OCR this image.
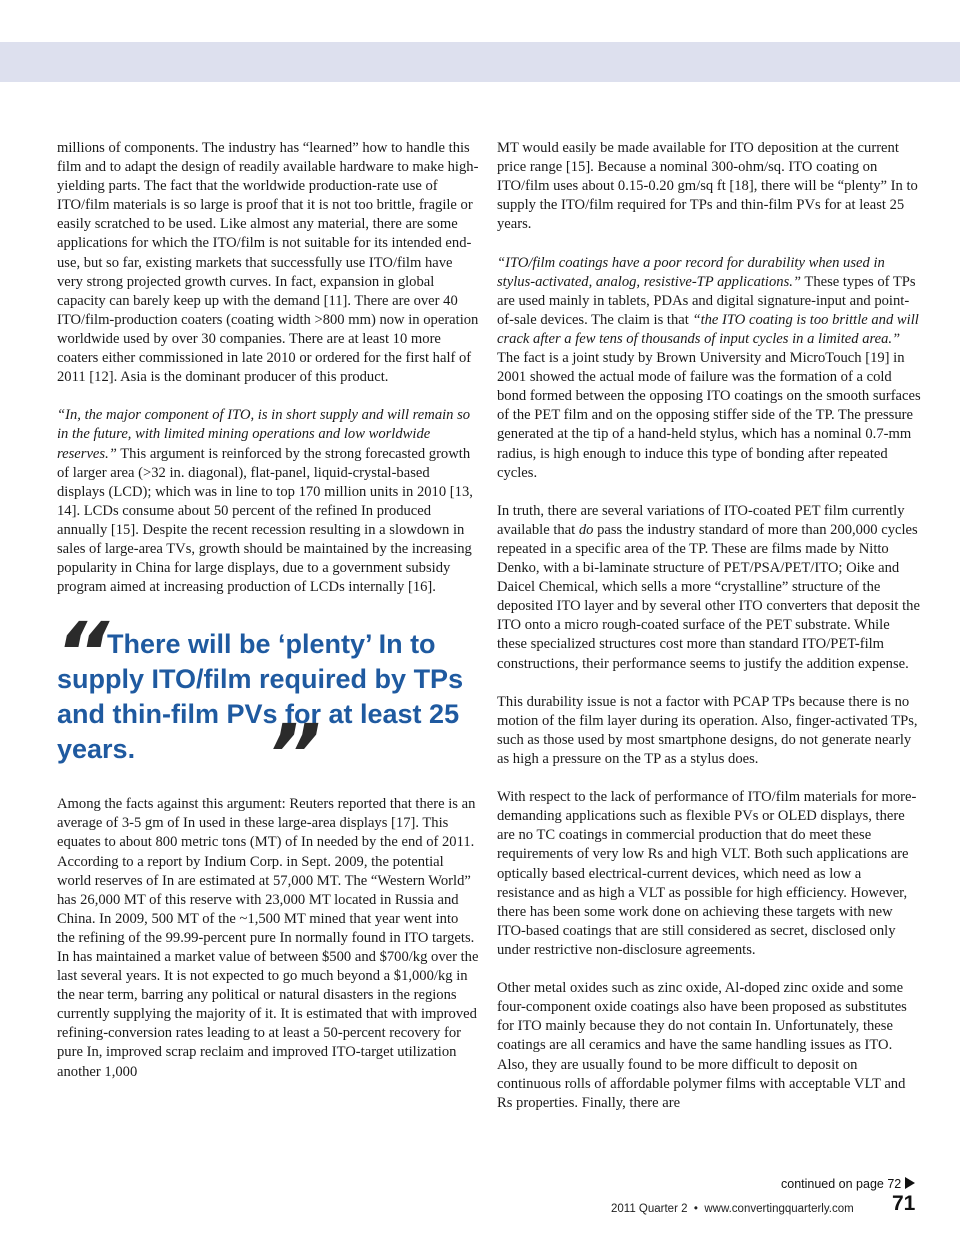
millions of components. The industry has “learned” how to handle this film and to adapt the design of readily available hardware to make high-yielding parts. The fact that the worldwide production-rate use of ITO/film materials is so large is proof that it is not too brittle, fragile or easily scratched to be used. Like almost any material, there are some applications for which the ITO/film is not suitable for its intended end-use, but so far, existing markets that successfully use ITO/film have very strong projected growth curves. In fact, expansion in global capacity can barely keep up with the demand [11]. There are over 40 ITO/film-production coaters (coating width >800 mm) now in operation worldwide used by over 30 companies. There are at least 10 more coaters either commissioned in late 2010 or ordered for the first half of 2011 [12]. Asia is the dominant producer of this product.

“In, the major component of ITO, is in short supply and will remain so in the future, with limited mining operations and low worldwide reserves.” This argument is reinforced by the strong forecasted growth of larger area (>32 in. diagonal), flat-panel, liquid-crystal-based displays (LCD); which was in line to top 170 million units in 2010 [13, 14]. LCDs consume about 50 percent of the refined In produced annually [15]. Despite the recent recession resulting in a slowdown in sales of large-area TVs, growth should be maintained by the increasing popularity in China for large displays, due to a government subsidy program aimed at increasing production of LCDs internally [16].

“
There will be ‘plenty’ In to supply ITO/film required by TPs and thin-film PVs for at least 25 years.	”

Among the facts against this argument: Reuters reported that there is an average of 3-5 gm of In used in these large-area displays [17]. This equates to about 800 metric tons (MT) of In needed by the end of 2011. According to a report by Indium Corp. in Sept. 2009, the potential world reserves of In are estimated at 57,000 MT. The “Western World” has 26,000 MT of this reserve with 23,000 MT located in Russia and China. In 2009, 500 MT of the ~1,500 MT mined that year went into the refining of the 99.99-percent pure In normally found in ITO targets. In has maintained a market value of between $500 and $700/kg over the last several years. It is not expected to go much beyond a $1,000/kg in the near term, barring any political or natural disasters in the regions currently supplying the majority of it. It is estimated that with improved refining-conversion rates leading to at least a 50-percent recovery for pure In, improved scrap reclaim and improved ITO-target utilization another 1,000

MT would easily be made available for ITO deposition at the current price range [15]. Because a nominal 300-ohm/sq. ITO coating on ITO/film uses about 0.15-0.20 gm/sq ft [18], there will be “plenty” In to supply the ITO/film required for TPs and thin-film PVs for at least 25 years.

“ITO/film coatings have a poor record for durability when used in stylus-activated, analog, resistive-TP applications.” These types of TPs are used mainly in tablets, PDAs and digital signature-input and point-of-sale devices. The claim is that “the ITO coating is too brittle and will crack after a few tens of thousands of input cycles in a limited area.” The fact is a joint study by Brown University and MicroTouch [19] in 2001 showed the actual mode of failure was the formation of a cold bond formed between the opposing ITO coatings on the smooth surfaces of the PET film and on the opposing stiffer side of the TP. The pressure generated at the tip of a hand-held stylus, which has a nominal 0.7-mm radius, is high enough to induce this type of bonding after repeated cycles.

In truth, there are several variations of ITO-coated PET film currently available that do pass the industry standard of more than 200,000 cycles repeated in a specific area of the TP. These are films made by Nitto Denko, with a bi-laminate structure of PET/PSA/PET/ITO; Oike and Daicel Chemical, which sells a more “crystalline” structure of the deposited ITO layer and by several other ITO converters that deposit the ITO onto a micro rough-coated surface of the PET substrate. While these specialized structures cost more than standard ITO/PET-film constructions, their performance seems to justify the addition expense.

This durability issue is not a factor with PCAP TPs because there is no motion of the film layer during its operation. Also, finger-activated TPs, such as those used by most smartphone designs, do not generate nearly as high a pressure on the TP as a stylus does.

With respect to the lack of performance of ITO/film materials for more-demanding applications such as flexible PVs or OLED displays, there are no TC coatings in commercial production that do meet these requirements of very low Rs and high VLT. Both such applications are optically based electrical-current devices, which need as low a resistance and as high a VLT as possible for high efficiency. However, there has been some work done on achieving these targets with new ITO-based coatings that are still considered as secret, disclosed only under restrictive non-disclosure agreements.

Other metal oxides such as zinc oxide, Al-doped zinc oxide and some four-component oxide coatings also have been proposed as substitutes for ITO mainly because they do not contain In. Unfortunately, these coatings are all ceramics and have the same handling issues as ITO. Also, they are usually found to be more difficult to deposit on continuous rolls of affordable polymer films with acceptable VLT and Rs properties. Finally, there are

continued on page 72
2011 Quarter 2 • www.convertingquarterly.com 71
